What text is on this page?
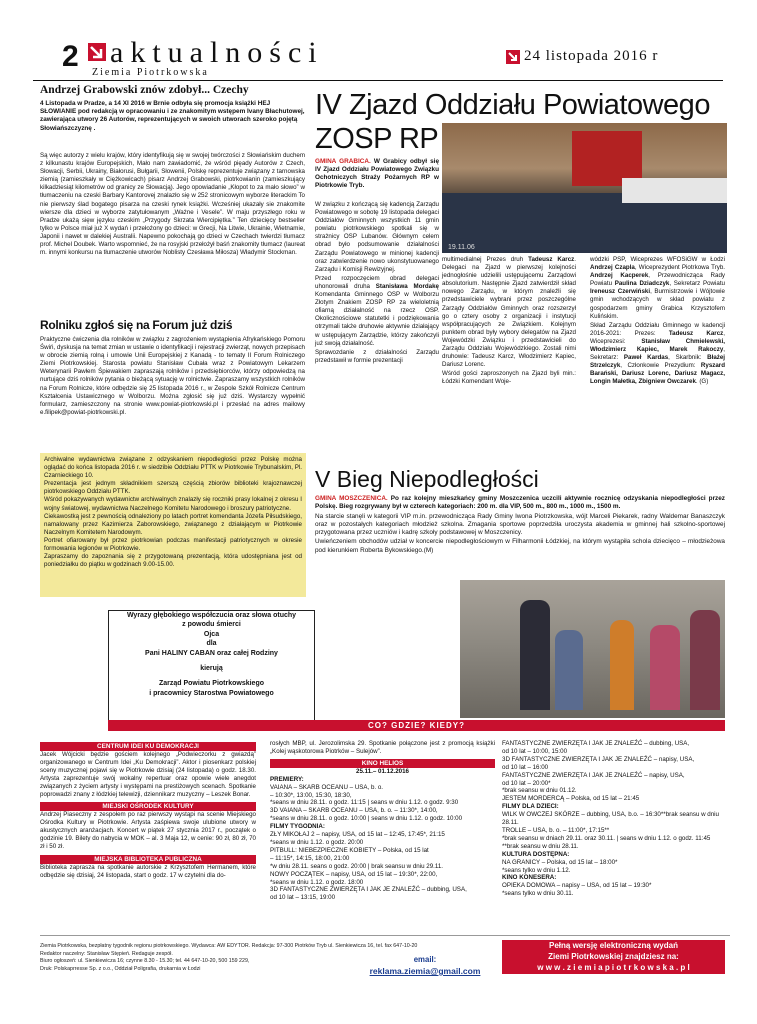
2 aktualności
Ziemia Piotrkowska
24 listopada 2016 r
Andrzej Grabowski znów zdobył... Czechy
4 Listopada w Pradze, a 14 XI 2016 w Brnie odbyła się promocja książki HEJ SŁOWIANIE pod redakcją w opracowaniu i ze znakomitym wstępem Ivany Błachutowej, zawierająca utwory 26 Autorów, reprezentujących w swoich utworach szeroko pojętą Słowiańszczyznę .

Są więc autorzy z wielu krajów, który identyfikują się w swojej twórczości z Słowiańskim duchem z kilkunastu krajów Europejskich, Mało nam zawiadomić, że wśród pięady Autorów z Czech, Słowacji, Serbii, Ukrainy, Białorusi, Bułgarii, Słowenii, Polskę reprezentuje związany z tarnowska ziemią (zamieszkały w Ciężkowicach) pisarz Andrzej Grabowski, piotrkowianin (zamieszkujący kilkadziesiąt kilometrów od granicy ze Słowacją). Jego opowiadanie „Kłopot to za mało słowo” w tłumaczeniu na czeski Barbary Kantorovej znalazło się w 252 stronicowym wyborze literackim To nie pierwszy ślad bogatego pisarza na czeski rynek książki. Wcześniej ukazały sie znakomite wiersze dla dzieci w wyborze zatytułowanym „Ważne i Vesele”. W maju przyszłego roku w Pradze ukażą sięw języku czeskim „Przygody Skrzata Wiercipiętka.” Ten dziecięcy bestseller tylko w Polsce miał już X wydań i przełożony go dzieci: w Grecji, Na Litwie, Ukrainie, Wietnamie, Japonii i nawet w dalekiej Australii. Napewno pokochają go dzieci w Czechach twierdzi tłumacz prof. Michel Doubek. Warto wspomnieć, że na rosyjski przełożył baśń znakomity tłumacz (laureat m. innymi konkursu na tłumaczenie utworów Noblisty Czesława Miłosza) Władymir Stockman.

Rolniku zgłoś się na Forum już dziś

Praktyczne ćwiczenia dla rolników w związku z zagrożeniem wystąpienia Afrykańskiego Pomoru Świń, dyskusja na temat zmian w ustawie o identyfikacji i rejestracji zwierząt, nowych przepisach w obrocie ziemią rolną i umowie Unii Europejskiej z Kanadą - to tematy II Forum Rolniczego Ziemi Piotrkowskiej. Starosta powiatu Stanisław Cubała wraz z Powiatowym Lekarzem Weterynarii Pawłem Śpiewakiem zapraszają rolników i przedsiębiorców, którzy odpowiedzą na nurtujące dziś rolników pytania o bieżącą sytuację w rolnictwie. Zapraszamy wszystkich rolników na Forum Rolnicze, które odbędzie się 25 listopada 2016 r., w Zespole Szkół Rolnicze Centrum Kształcenia Ustawicznego w Wolborzu. Można zgłosić się już dziś. Wystarczy wypełnić formularz, zamieszczony na stronie www.powiat-piotrkowski.pl i przesłać na adres mailowy e.filipek@powiat-piotrkowski.pl.

Archiwalne wydawnictwa związane z odzyskaniem niepodległości przez Polskę można oglądać do końca listopada 2016 r. w siedzibie Oddziału PTTK w Piotrkowie Trybunalskim, Pl. Czarnieckiego 10.
Prezentacja jest jednym składnikiem szerszą częścią zbiorów biblioteki krajoznawczej piotrkowskiego Oddziału PTTK.
Wśród pokazywanych wydawnictw archiwalnych znalazły się roczniki prasy lokalnej z okresu I wojny światowej, wydawnictwa Naczelnego Komitetu Narodowego i broszury patriotyczne.
Ciekawostką jest z pewnością odnaleziony po latach portret komendanta Józefa Piłsudskiego, namalowany przez Kazimierza Zaborowskiego, związanego z działającym w Piotrkowie Naczelnym Komitetem Narodowym.
Portret ofiarowany był przez piotrkowian podczas manifestacji patriotycznych w okresie formowania legionów w Piotrkowie.
Zapraszamy do zapoznania się z przygotowaną prezentacją, która udostępniana jest od poniedziałku do piątku w godzinach 9.00-15.00.
Wyrazy głębokiego współczucia oraz słowa otuchy
z powodu śmierci
Ojca
dla
Pani HALINY CABAN oraz całej Rodziny
kierują
Zarząd Powiatu Piotrkowskiego
i pracownicy Starostwa Powiatowego
IV Zjazd Oddziału Powiatowego ZOSP RP
19.11.06
GMINA GRABICA. W Grabicy odbył się IV Zjazd Oddziału Powiatowego Związku Ochotniczych Straży Pożarnych RP w Piotrkowie Tryb.

W związku z kończącą się kadencją Zarządu Powiatowego w sobotę 19 listopada delegaci Oddziałów Gminnych wszystkich 11 gmin powiatu piotrkowskiego spotkali się w strażnicy OSP Lubanów. Głównym celem obrad było podsumowanie działalności Zarządu Powiatowego w minionej kadencji oraz zatwierdzenie nowo ukonstytuowanego Zarządu i Komisji Rewizyjnej.

Przed rozpoczęciem obrad delegaci uhonorowali druha Stanisława Mordakę Komendanta Gminnego OSP w Wolborzu Złotym Znakiem ZOSP RP za wieloletnią ofiarną działalność na rzecz OSP. Okolicznościowe statutetki i podziękowania otrzymali także druhowie aktywnie działający w ustępującym Zarządzie, którzy zakończyli już swoją działalność.

Sprawozdanie z działalności Zarządu przedstawił w formie prezentacji

multimedialnej Prezes druh Tadeusz Karcz. Delegaci na Zjazd w pierwszej kolejności jednogłośnie udzielili ustępującemu Zarządowi absolutorium. Następnie Zjazd zatwierdził skład nowego Zarządu, w którym znaleźli się przedstawiciele wybrani przez poszczególne Zarządy Oddziałów Gminnych oraz rozszerzył go o cztery osoby z organizacji i instytucji współpracujących ze Związkiem. Kolejnym punktem obrad były wybory delegatów na Zjazd Wojewódzki Związku i przedstawicieli do Zarządu Oddziału Wojewódzkiego. Zostali nimi druhowie: Tadeusz Karcz, Włodzimierz Kapiec, Dariusz Lorenc.

Wśród gości zaproszonych na Zjazd byli min.: Łódzki Komendant Woje-

wódzki PSP, Wiceprezes WFOSiGW w Łodzi Andrzej Czapla, Wiceprezydent Piotrkowa Tryb. Andrzej Kacperek, Przewodnicząca Rady Powiatu Paulina Dziadczyk, Sekretarz Powiatu Ireneusz Czerwiński, Burmistrzowie i Wójtowie gmin wchodzących w skład powiatu z gospodarzem gminy Grabica Krzysztofem Kulińskim.

Skład Zarządu Oddziału Gminnego w kadencji 2016-2021: Prezes: Tadeusz Karcz, Wiceprezesi: Stanisław Chmielewski, Włodzimierz Kapiec, Marek Rakoczy, Sekretarz: Paweł Kardas, Skarbnik: Błażej Strzelczyk, Członkowie Prezydium: Ryszard Barański, Dariusz Lorenc, Dariusz Magacz, Longin Małetka, Zbigniew Owczarek. (G)

V Bieg Niepodległości

GMINA MOSZCZENICA. Po raz kolejny mieszkańcy gminy Moszczenica uczcili aktywnie rocznicę odzyskania niepodległości przez Polskę. Bieg rozgrywany był w czterech kategoriach: 200 m. dla VIP, 500 m., 800 m., 1000 m., 1500 m.

Na starcie stanęli w kategorii VIP m.in. przewodnicząca Rady Gminy Iwona Piotrzkowska, wójt Marceli Piekarek, radny Waldemar Banaszczyk oraz w pozostałych kategoriach młodzież szkolna. Zmagania sportowe poprzedziła uroczysta akademia w gminnej hali szkolno-sportowej przygotowana przez uczniów i kadrę szkoły podstawowej w Moszczenicy.

Uwieńczeniem obchodów udział w koncercie niepodległościowym w Filharmonii Łódzkiej, na którym wystąpiła schola dziecięco – młodzieżowa pod kierunkiem Roberta Bykowskiego.(M)

CO? GDZIE? KIEDY?
CENTRUM IDEI KU DEMOKRACJI
Jacek Wójcicki będzie gościem kolejnego „Podwieczorku z gwiazdą” organizowanego w Centrum Idei „Ku Demokracji”. Aktor i piosenkarz polskiej sceny muzycznej pojawi się w Piotrkowie dzisiaj (24 listopada) o godz. 18.30. Artysta zaprezentuje swój wokalny repertuar oraz opowie wiele anegdot związanych z życiem artysty i występami na prestiżowych scenach. Spotkanie poprowadzi znany z łódzkiej telewizji, dziennikarz muzyczny – Leszek Bonar.
MIEJSKI OŚRODEK KULTURY
Andrzej Piaseczny z zespołem po raz pierwszy wystąpi na scenie Miejskiego Ośrodka Kultury w Piotrkowie. Artysta zaśpiewa swoje ulubione utwory w akustycznych aranżacjach. Koncert w piątek 27 stycznia 2017 r., początek o godzinie 19. Bilety do nabycia w MOK – al. 3 Maja 12, w cenie: 90 zł, 80 zł, 70 zł i 50 zł.
MIEJSKA BIBLIOTEKA PUBLICZNA
Biblioteka zaprasza na spotkanie autorskie z Krzysztofem Hermanem, które odbędzie się dzisiaj, 24 listopada, start o godz. 17 w czytelni dla do-
rosłych MBP, ul. Jerozolimska 29. Spotkanie połączone jest z promocją książki „Kolej wąskotorowa Piotrków – Sulejów”.
KINO HELIOS
25.11.– 01.12.2016
PREMIERY:
VAIANA – SKARB OCEANU – USA, b. o.
– 10:30*, 13:00, 15:30, 18:30,
*seans w dniu 28.11. o godz. 11:15 | seans w dniu 1.12. o godz. 9:30
3D VAIANA – SKARB OCEANU – USA, b. o. – 11:30*, 14:00,
*seans w dniu 28.11. o godz. 10:00 | seans w dniu 1.12. o godz. 10:00
FILMY TYGODNIA:
ZŁY MIKOŁAJ 2 – napisy, USA, od 15 lat – 12:45, 17:45*, 21:15
*seans w dniu 1.12. o godz. 20:00
PITBULL: NIEBEZPIECZNE KOBIETY – Polska, od 15 lat
– 11:15*, 14:15, 18:00, 21:00
*w dniu 28.11. seans o godz. 20:00 | brak seansu w dniu 29.11.
NOWY POCZĄTEK – napisy, USA, od 15 lat – 19:30*, 22:00,
*seans w dniu 1.12. o godz. 18:00
3D FANTASTYCZNE ZWIERZĘTA I JAK JE ZNALEŹĆ – dubbing, USA,
od 10 lat – 13:15, 19:00
FANTASTYCZNE ZWIERZĘTA I JAK JE ZNALEŹĆ – dubbing, USA,
od 10 lat – 10:00, 15:00
3D FANTASTYCZNE ZWIERZĘTA I JAK JE ZNALEŹĆ – napisy, USA,
od 10 lat – 16:00
FANTASTYCZNE ZWIERZĘTA I JAK JE ZNALEŹĆ – napisy, USA,
od 10 lat – 20:00*
*brak seansu w dniu 01.12.
JESTEM MORDERCĄ – Polska, od 15 lat – 21:45
FILMY DLA DZIECI:
WILK W OWCZEJ SKÓRZE – dubbing, USA, b.o. – 16:30**brak seansu w dniu 28.11.
TROLLE – USA, b. o. – 11:00*, 17:15**
*brak seansu w dniach 29.11. oraz 30.11. | seans w dniu 1.12. o godz. 11:45
**brak seansu w dniu 28.11.
KULTURA DOSTĘPNA:
NA GRANICY – Polska, od 15 lat – 18:00*
*seans tylko w dniu 1.12.
KINO KONESERA:
OPIEKA DOMOWA – napisy – USA, od 15 lat – 19:30*
*seans tylko w dniu 30.11.
Ziemia Piotrkowska, bezpłatny tygodnik regionu piotrkowskiego. Wydawca: AW EDYTOR. Redakcja: 97-300 Piotrków Tryb ul. Sienkiewicza 16, tel. fax 647-10-20
Redaktor naczelny: Stanisław Stępień. Redaguje zespół.
Biuro ogłoszeń: ul. Sienkiewicza 16; czynne 8.30 - 15.30; tel. 44 647-10-20, 500 159 229,
Druk: Polskaprresse Sp. z o.o., Oddział Poligrafia, drukarnia w Łodzi
email:
reklama.ziemia@gmail.com
Pełną wersję elektroniczną wydań
Ziemi Piotrkowskiej znajdziesz na:
w w w . z i e m i a p i o t r k o w s k a . p l
